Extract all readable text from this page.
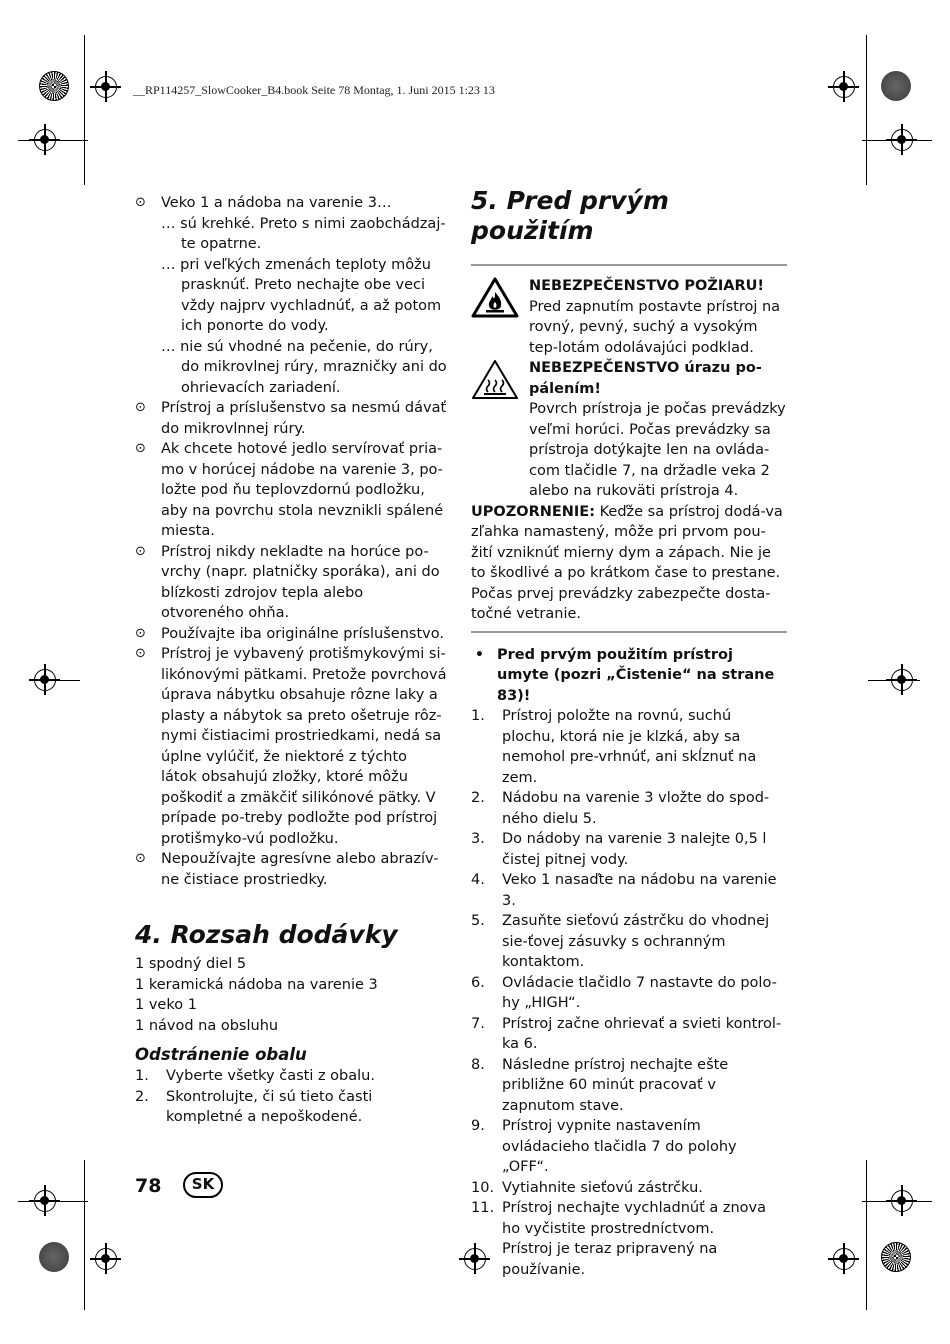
__RP114257_SlowCooker_B4.book Seite 78 Montag, 1. Juni 2015 1:23 13
⊙ Veko 1 a nádoba na varenie 3…

… sú krehké. Preto s nimi zaobchádzaj-te opatrne.
… pri veľkých zmenách teploty môžu prasknúť. Preto nechajte obe veci vždy najprv vychladnúť, a až potom ich ponorte do vody.
… nie sú vhodné na pečenie, do rúry, do mikrovlnej rúry, mrazničky ani do ohrievacích zariadení.
⊙ Prístroj a príslušenstvo sa nesmú dávať do mikrovlnnej rúry.

⊙ Ak chcete hotové jedlo servírovať pria-mo v horúcej nádobe na varenie 3, po-ložte pod ňu teplovzdornú podložku, aby na povrchu stola nevznikli spálené miesta.

⊙ Prístroj nikdy nekladte na horúce po-vrchy (napr. platničky sporáka), ani do blízkosti zdrojov tepla alebo otvoreného ohňa.

⊙ Používajte iba originálne príslušenstvo.

⊙ Prístroj je vybavený protišmykovými si-likónovými pätkami. Pretože povrchová úprava nábytku obsahuje rôzne laky a plasty a nábytok sa preto ošetruje rôz-nymi čistiacimi prostriedkami, nedá sa úplne vylúčiť, že niektoré z týchto látok obsahujú zložky, ktoré môžu poškodiť a zmäkčiť silikónové pätky. V prípade po-treby podložte pod prístroj protišmyko-vú podložku.

⊙ Nepoužívajte agresívne alebo abrazív-ne čistiace prostriedky.

4. Rozsah dodávky

1 spodný diel 5

1 keramická nádoba na varenie 3

1 veko 1

1 návod na obsluhu

Odstránenie obalu

1. Vyberte všetky časti z obalu.

2. Skontrolujte, či sú tieto časti kompletné a nepoškodené.

5. Pred prvým použitím

NEBEZPEČENSTVO POŽIARU!

Pred zapnutím postavte prístroj na rovný, pevný, suchý a vysokým tep-lotám odolávajúci podklad.

NEBEZPEČENSTVO úrazu po-pálením!

Povrch prístroja je počas prevádzky veľmi horúci. Počas prevádzky sa prístroja dotýkajte len na ovláda-com tlačidle 7, na držadle veka 2 alebo na rukoväti prístroja 4.

UPOZORNENIE: Keďže sa prístroj dodá-va zľahka namastený, môže pri prvom pou-žití vzniknúť mierny dym a zápach. Nie je to škodlivé a po krátkom čase to prestane. Počas prvej prevádzky zabezpečte dosta-točné vetranie.

• Pred prvým použitím prístroj umyte (pozri „Čistenie“ na strane 83)!

1. Prístroj položte na rovnú, suchú plochu, ktorá nie je klzká, aby sa nemohol pre-vrhnúť, ani skĺznuť na zem.

2. Nádobu na varenie 3 vložte do spod-ného dielu 5.

3. Do nádoby na varenie 3 nalejte 0,5 l čistej pitnej vody.

4. Veko 1 nasaďte na nádobu na varenie 3.

5. Zasuňte sieťovú zástrčku do vhodnej sie-ťovej zásuvky s ochranným kontaktom.

6. Ovládacie tlačidlo 7 nastavte do polo-hy „HIGH“.

7. Prístroj začne ohrievať a svieti kontrol-ka 6.

8. Následne prístroj nechajte ešte približne 60 minút pracovať v zapnutom stave.

9. Prístroj vypnite nastavením ovládacieho tlačidla 7 do polohy „OFF“.

10. Vytiahnite sieťovú zástrčku.

11. Prístroj nechajte vychladnúť a znova ho vyčistite prostredníctvom.

Prístroj je teraz pripravený na používanie.

78	SK
